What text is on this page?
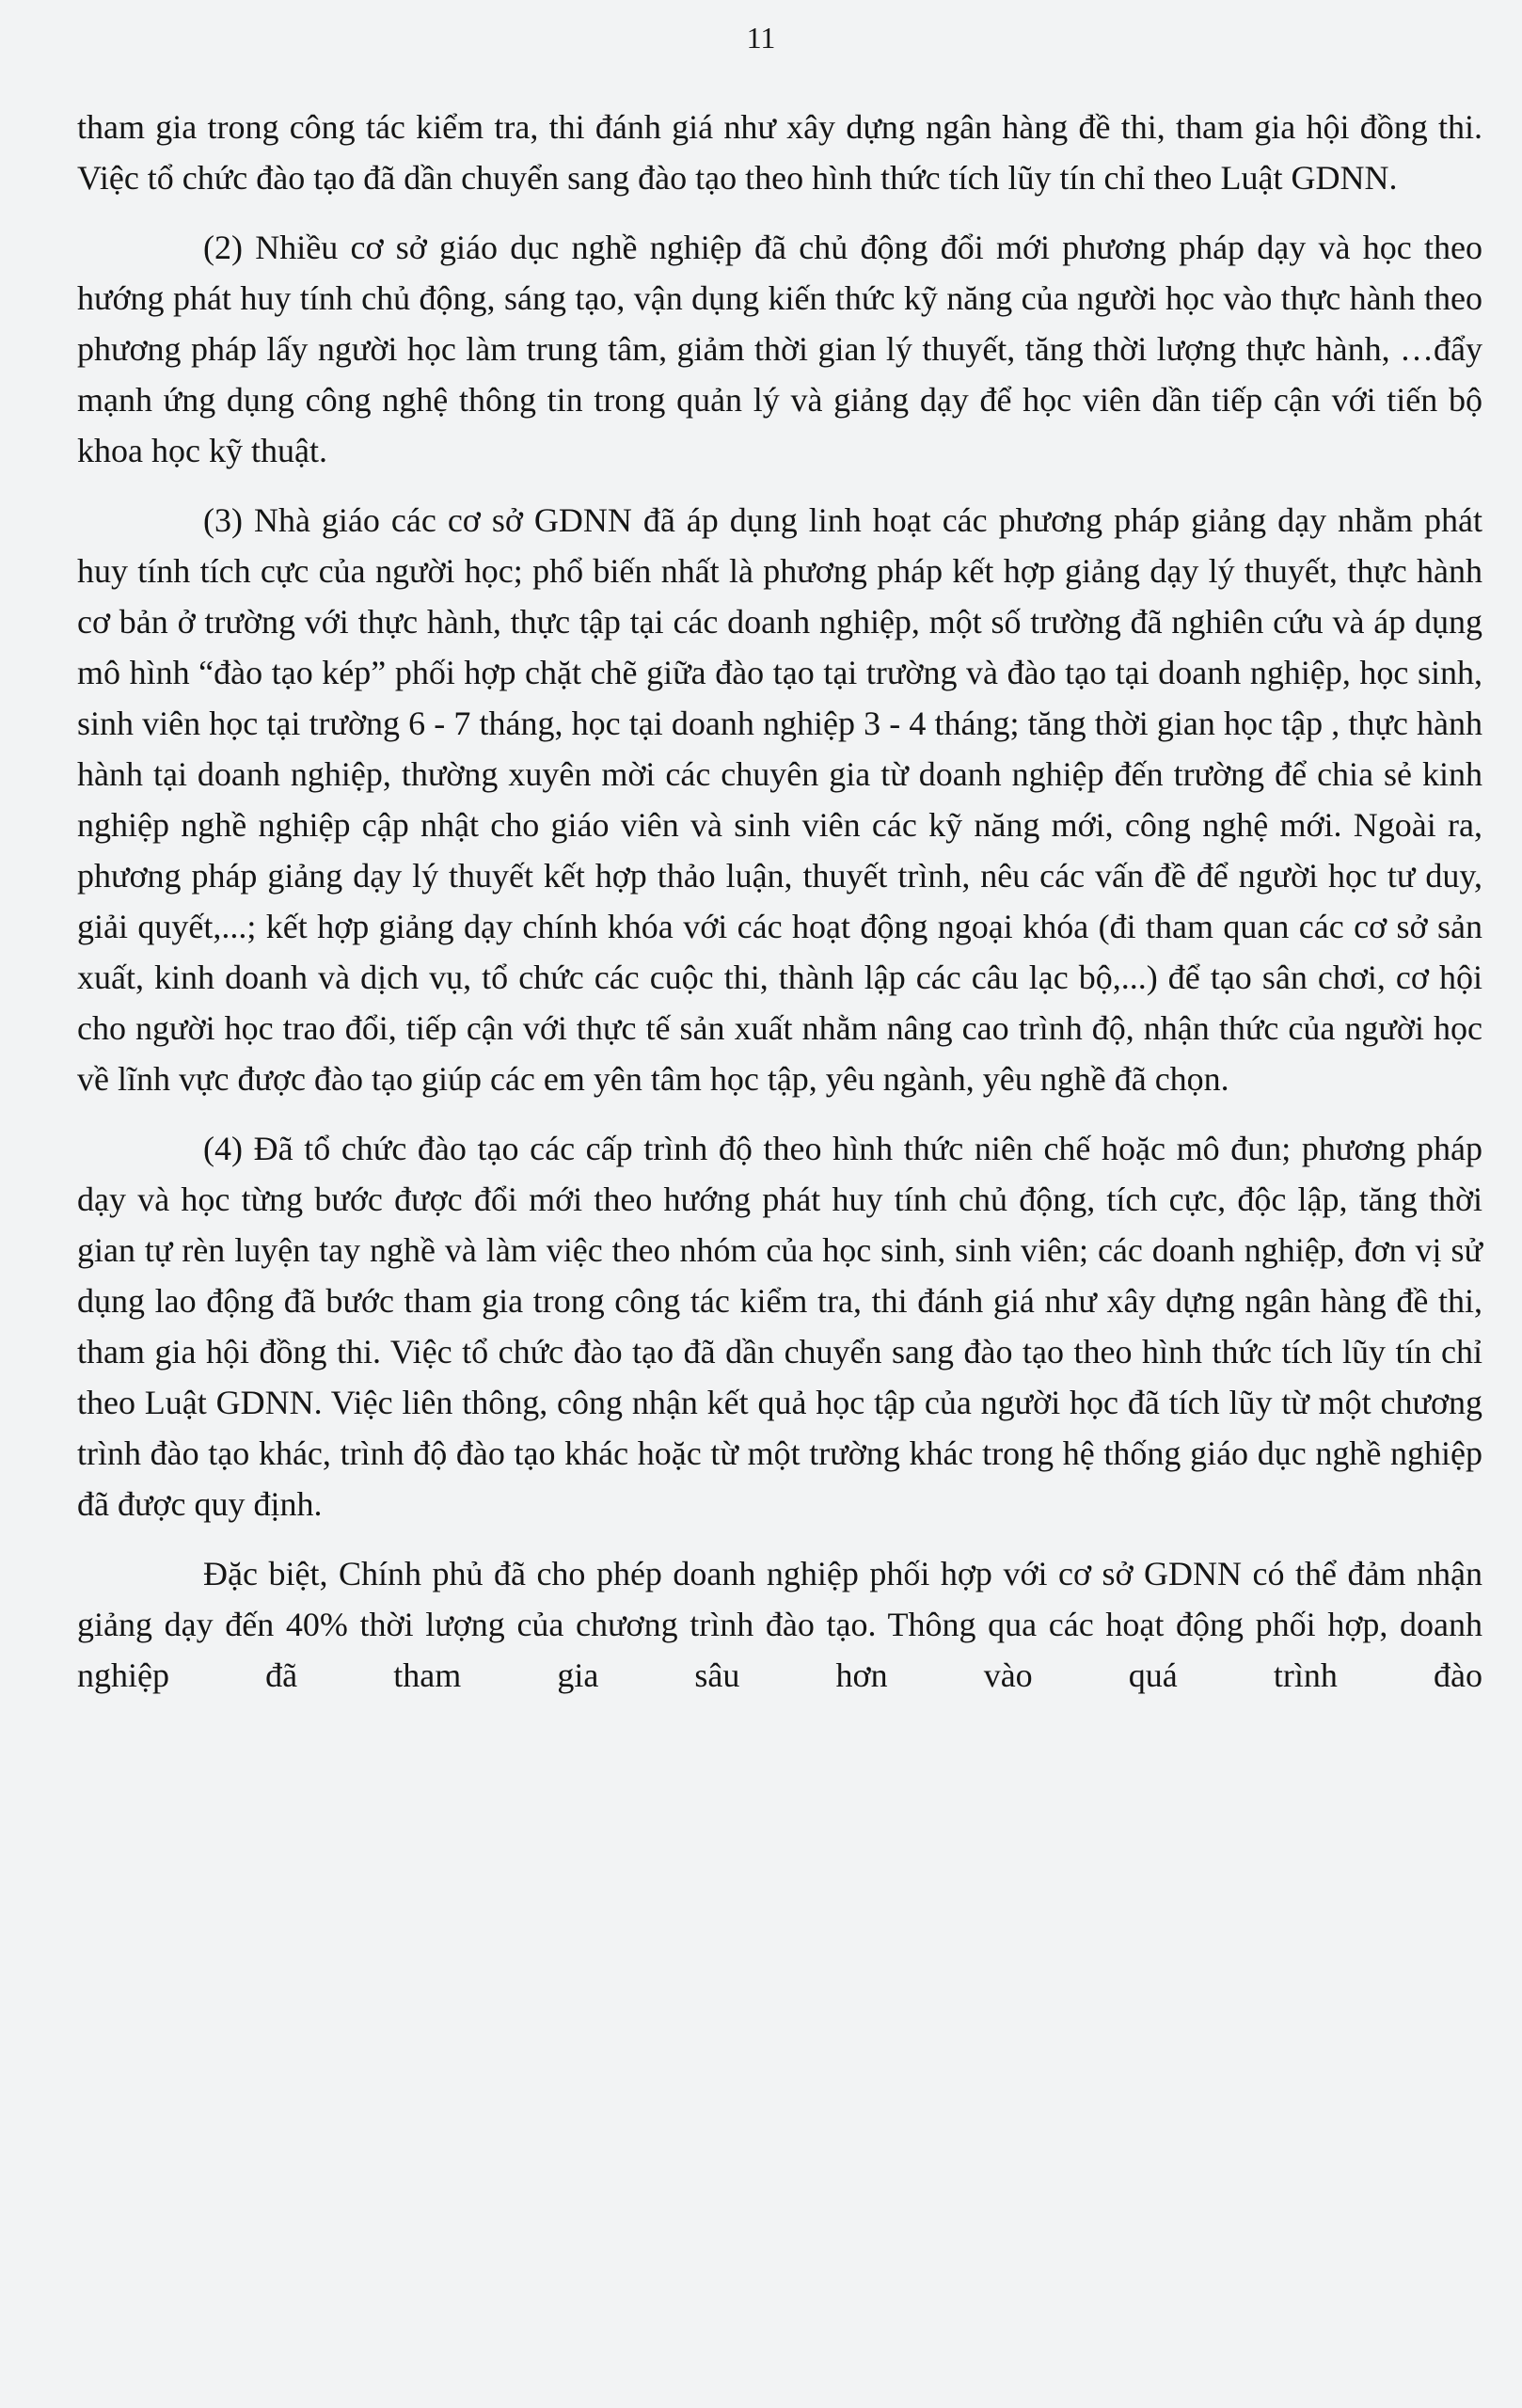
11

tham gia trong công tác kiểm tra, thi đánh giá như xây dựng ngân hàng đề thi, tham gia hội đồng thi. Việc tổ chức đào tạo đã dần chuyển sang đào tạo theo hình thức tích lũy tín chỉ theo Luật GDNN.

(2) Nhiều cơ sở giáo dục nghề nghiệp đã chủ động đổi mới phương pháp dạy và học theo hướng phát huy tính chủ động, sáng tạo, vận dụng kiến thức kỹ năng của người học vào thực hành theo phương pháp lấy người học làm trung tâm, giảm thời gian lý thuyết, tăng thời lượng thực hành, …đẩy mạnh ứng dụng công nghệ thông tin trong quản lý và giảng dạy để học viên dần tiếp cận với tiến bộ khoa học kỹ thuật.

(3) Nhà giáo các cơ sở GDNN đã áp dụng linh hoạt các phương pháp giảng dạy nhằm phát huy tính tích cực của người học; phổ biến nhất là phương pháp kết hợp giảng dạy lý thuyết, thực hành cơ bản ở trường với thực hành, thực tập tại các doanh nghiệp, một số trường đã nghiên cứu và áp dụng mô hình “đào tạo kép” phối hợp chặt chẽ giữa đào tạo tại trường và đào tạo tại doanh nghiệp, học sinh, sinh viên học tại trường 6 - 7 tháng, học tại doanh nghiệp 3 - 4 tháng; tăng thời gian học tập , thực hành hành tại doanh nghiệp, thường xuyên mời các chuyên gia từ doanh nghiệp đến trường để chia sẻ kinh nghiệp nghề nghiệp cập nhật cho giáo viên và sinh viên các kỹ năng mới, công nghệ mới. Ngoài ra, phương pháp giảng dạy lý thuyết kết hợp thảo luận, thuyết trình, nêu các vấn đề để người học tư duy, giải quyết,...; kết hợp giảng dạy chính khóa với các hoạt động ngoại khóa (đi tham quan các cơ sở sản xuất, kinh doanh và dịch vụ, tổ chức các cuộc thi, thành lập các câu lạc bộ,...) để tạo sân chơi, cơ hội cho người học trao đổi, tiếp cận với thực tế sản xuất nhằm nâng cao trình độ, nhận thức của người học về lĩnh vực được đào tạo giúp các em yên tâm học tập, yêu ngành, yêu nghề đã chọn.

(4) Đã tổ chức đào tạo các cấp trình độ theo hình thức niên chế hoặc mô đun; phương pháp dạy và học từng bước được đổi mới theo hướng phát huy tính chủ động, tích cực, độc lập, tăng thời gian tự rèn luyện tay nghề và làm việc theo nhóm của học sinh, sinh viên; các doanh nghiệp, đơn vị sử dụng lao động đã bước tham gia trong công tác kiểm tra, thi đánh giá như xây dựng ngân hàng đề thi, tham gia hội đồng thi. Việc tổ chức đào tạo đã dần chuyển sang đào tạo theo hình thức tích lũy tín chỉ theo Luật GDNN. Việc liên thông, công nhận kết quả học tập của người học đã tích lũy từ một chương trình đào tạo khác, trình độ đào tạo khác hoặc từ một trường khác trong hệ thống giáo dục nghề nghiệp đã được quy định.

Đặc biệt, Chính phủ đã cho phép doanh nghiệp phối hợp với cơ sở GDNN có thể đảm nhận giảng dạy đến 40% thời lượng của chương trình đào tạo. Thông qua các hoạt động phối hợp, doanh nghiệp đã tham gia sâu hơn vào quá trình đào
